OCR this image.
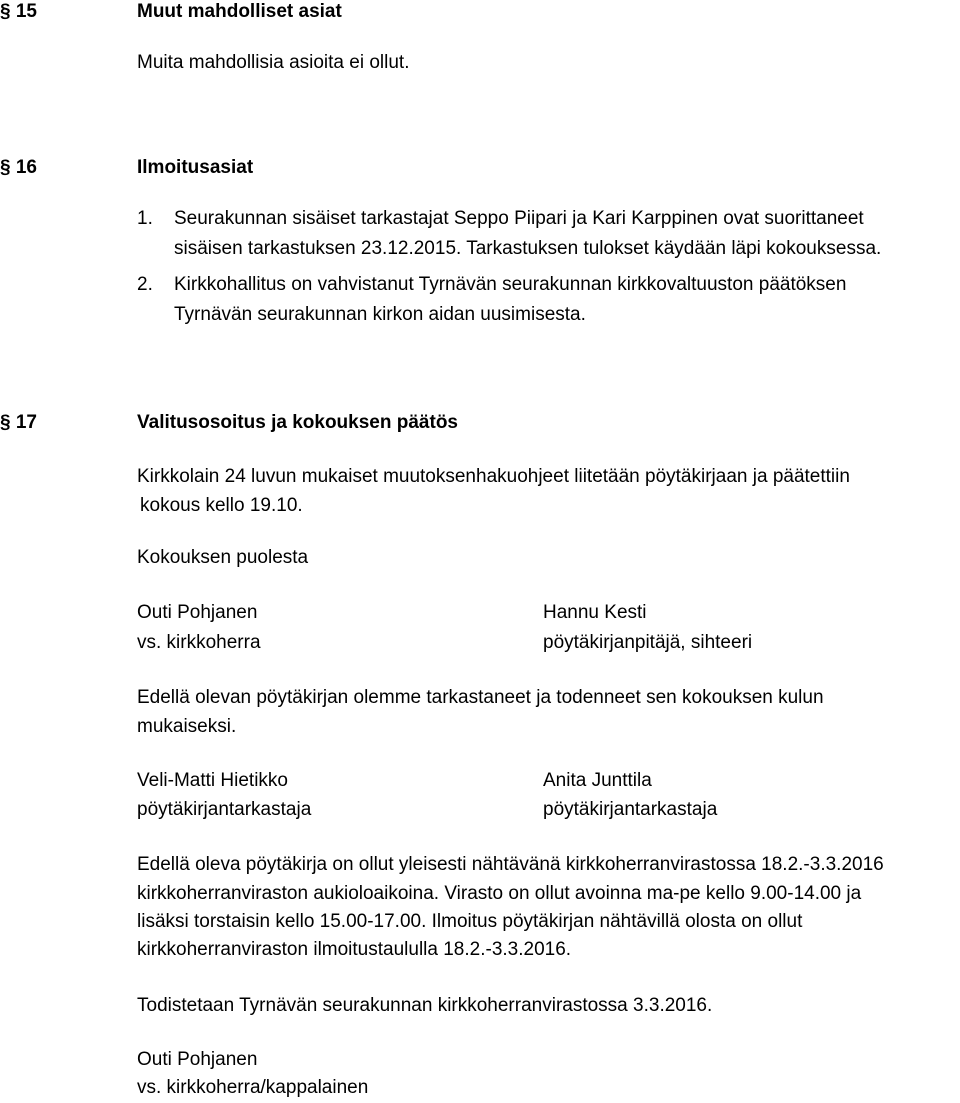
§ 15	Muut mahdolliset asiat
Muita mahdollisia asioita ei ollut.
§ 16	Ilmoitusasiat
1. Seurakunnan sisäiset tarkastajat Seppo Piipari ja Kari Karppinen ovat suorittaneet
sisäisen tarkastuksen 23.12.2015. Tarkastuksen tulokset käydään läpi kokouksessa.
2. Kirkkohallitus on vahvistanut Tyrnävän seurakunnan kirkkovaltuuston päätöksen
Tyrnävän seurakunnan kirkon aidan uusimisesta.
§ 17	Valitusosoitus ja kokouksen päätös
Kirkkolain 24 luvun mukaiset muutoksenhakuohjeet liitetään pöytäkirjaan ja päätettiin
kokous kello 19.10.
Kokouksen puolesta
Outi Pohjanen
vs. kirkkoherra
Hannu Kesti
pöytäkirjanpitäjä, sihteeri
Edellä olevan pöytäkirjan olemme tarkastaneet ja todenneet sen kokouksen kulun
mukaiseksi.
Veli-Matti Hietikko
pöytäkirjantarkastaja
Anita Junttila
pöytäkirjantarkastaja
Edellä oleva pöytäkirja on ollut yleisesti nähtävänä kirkkoherranvirastossa 18.2.-3.3.2016
kirkkoherranviraston aukioloaikoina. Virasto on ollut avoinna ma-pe kello 9.00-14.00 ja
lisäksi torstaisin kello 15.00-17.00. Ilmoitus pöytäkirjan nähtävillä olosta on ollut
kirkkoherranviraston ilmoitustaululla 18.2.-3.3.2016.
Todistetaan Tyrnävän seurakunnan kirkkoherranvirastossa 3.3.2016.
Outi Pohjanen
vs. kirkkoherra/kappalainen
